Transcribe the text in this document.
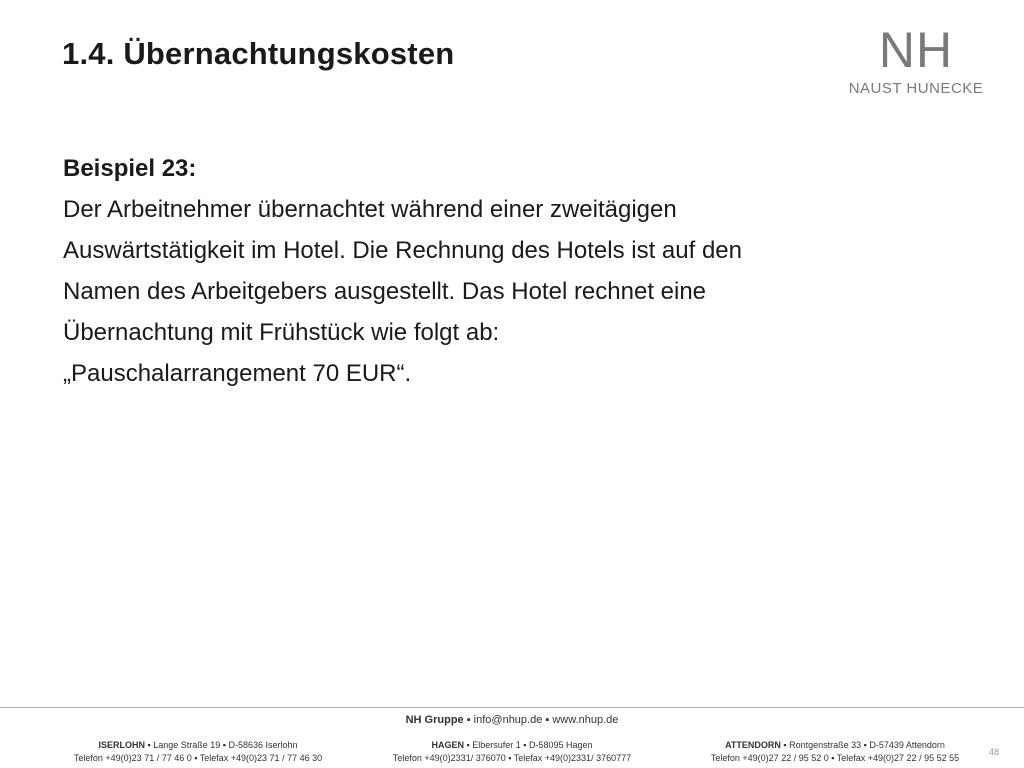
1.4. Übernachtungskosten	NH
NAUST HUNECKE
Beispiel 23:
Der Arbeitnehmer übernachtet während einer zweitägigen
Auswärtstätigkeit im Hotel. Die Rechnung des Hotels ist auf den
Namen des Arbeitgebers ausgestellt. Das Hotel rechnet eine
Übernachtung mit Frühstück wie folgt ab:
„Pauschalarrangement 70 EUR“.
NH Gruppe ▪ info@nhup.de ▪ www.nhup.de
ISERLOHN ▪ Lange Straße 19 ▪ D-58636 Iserlohn
Telefon +49(0)23 71 / 77 46 0 ▪ Telefax +49(0)23 71 / 77 46 30
HAGEN ▪ Elbersufer 1 ▪ D-58095 Hagen
Telefon +49(0)2331/ 376070 ▪ Telefax +49(0)2331/ 3760777
ATTENDORN ▪ Rontgenstraße 33 ▪ D-57439 Attendorn
Telefon +49(0)27 22 / 95 52 0 ▪ Telefax +49(0)27 22 / 95 52 55
48
